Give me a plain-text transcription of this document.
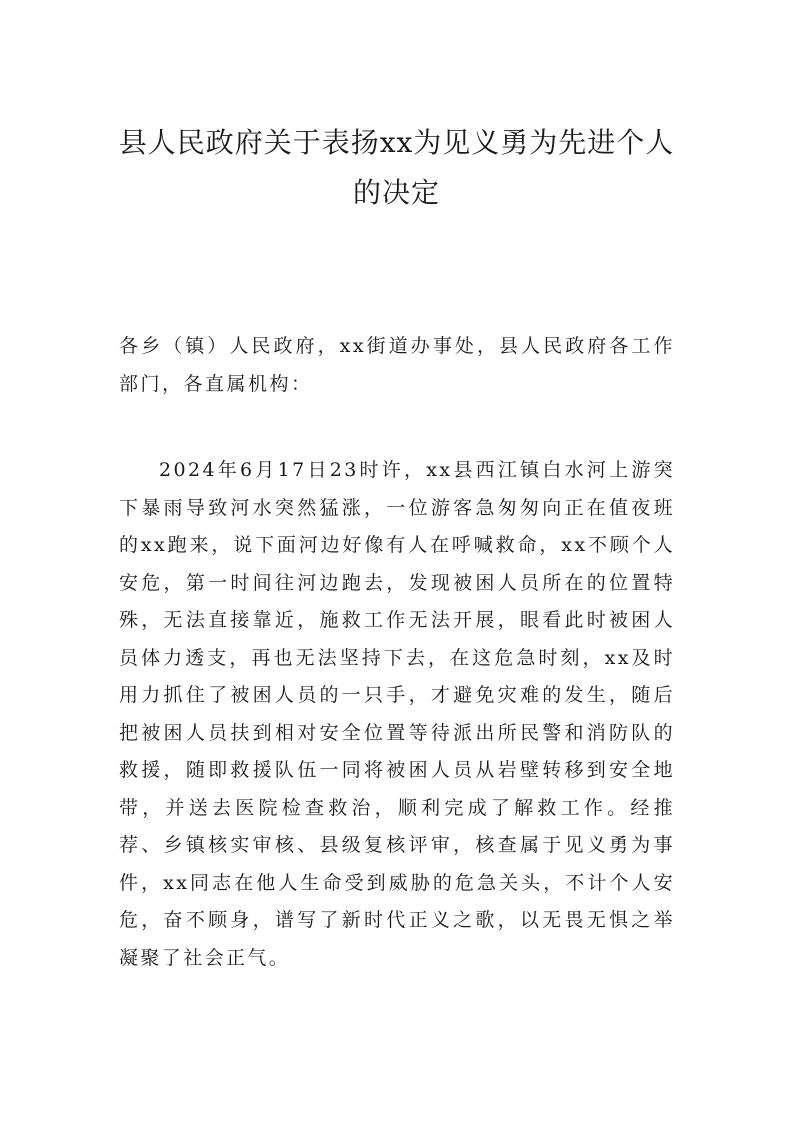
县人民政府关于表扬xx为见义勇为先进个人的决定

各乡（镇）人民政府，xx街道办事处，县人民政府各工作部门，各直属机构：

2024年6月17日23时许，xx县西江镇白水河上游突下暴雨导致河水突然猛涨，一位游客急匆匆向正在值夜班的xx跑来，说下面河边好像有人在呼喊救命，xx不顾个人安危，第一时间往河边跑去，发现被困人员所在的位置特殊，无法直接靠近，施救工作无法开展，眼看此时被困人员体力透支，再也无法坚持下去，在这危急时刻，xx及时用力抓住了被困人员的一只手，才避免灾难的发生，随后把被困人员扶到相对安全位置等待派出所民警和消防队的救援，随即救援队伍一同将被困人员从岩壁转移到安全地带，并送去医院检查救治，顺利完成了解救工作。经推荐、乡镇核实审核、县级复核评审，核查属于见义勇为事件，xx同志在他人生命受到威胁的危急关头，不计个人安危，奋不顾身，谱写了新时代正义之歌，以无畏无惧之举凝聚了社会正气。
